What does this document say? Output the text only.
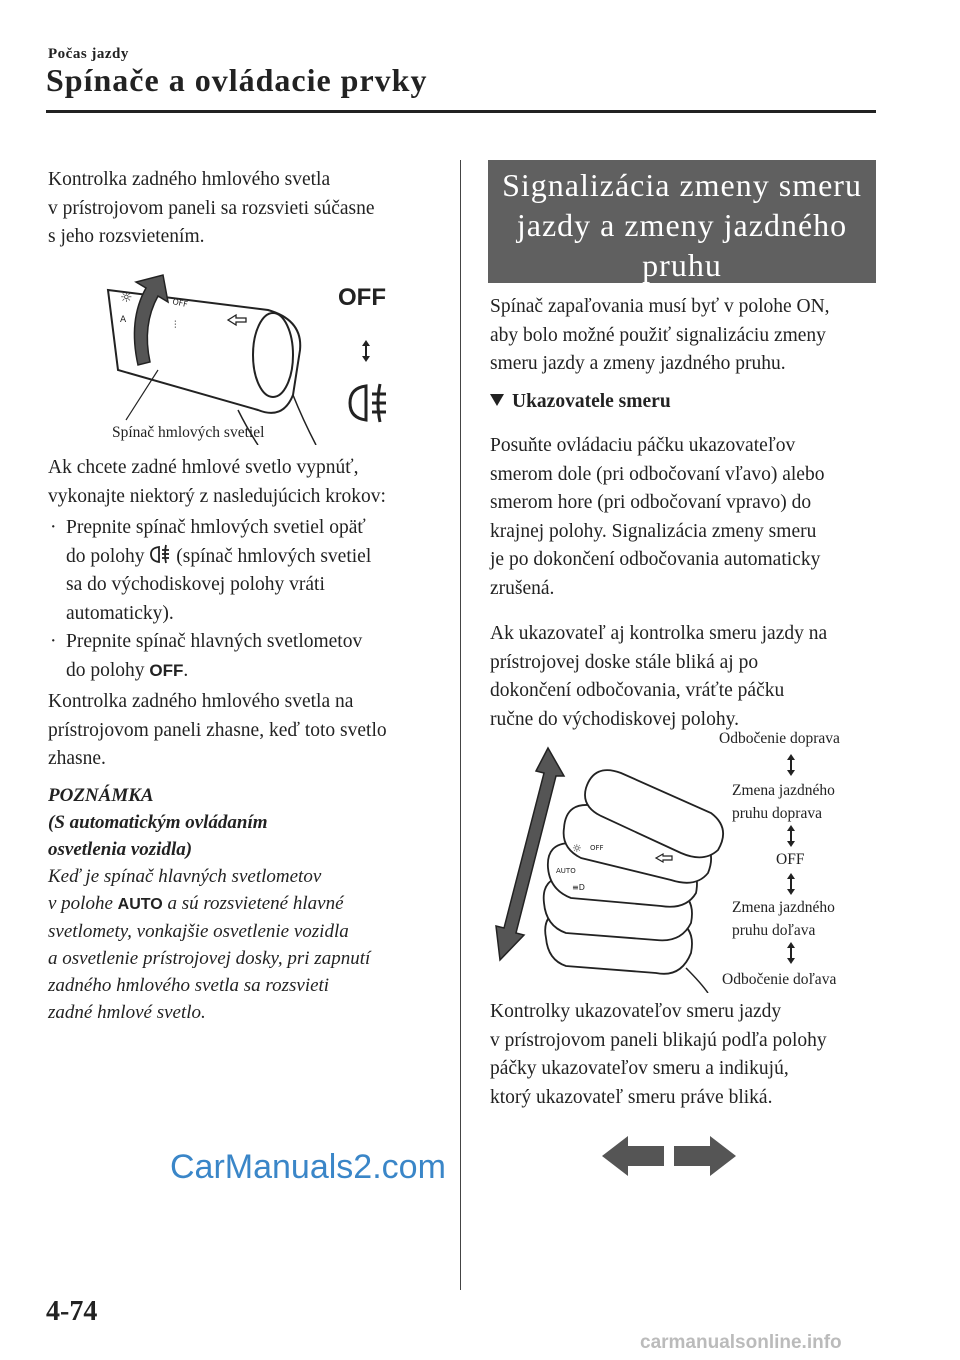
Počas jazdy
Spínače a ovládacie prvky
Kontrolka zadného hmlového svetla
v prístrojovom paneli sa rozsvieti súčasne
s jeho rozsvietením.
☼
A
OFF
⫶
Spínač hmlových svetiel
OFF
Ak chcete zadné hmlové svetlo vypnúť,
vykonajte niektorý z nasledujúcich krokov:
· Prepnite spínač hmlových svetiel opäť
do polohy (spínač hmlových svetiel
sa do východiskovej polohy vráti
automaticky).
· Prepnite spínač hlavných svetlometov
do polohy OFF.
Kontrolka zadného hmlového svetla na
prístrojovom paneli zhasne, keď toto svetlo
zhasne.
POZNÁMKA
(S automatickým ovládaním
osvetlenia vozidla)
Keď je spínač hlavných svetlometov
v polohe AUTO a sú rozsvietené hlavné
svetlomety, vonkajšie osvetlenie vozidla
a osvetlenie prístrojovej dosky, pri zapnutí
zadného hmlového svetla sa rozsvieti
zadné hmlové svetlo.
Signalizácia zmeny smeru
jazdy a zmeny jazdného
pruhu
Spínač zapaľovania musí byť v polohe ON,
aby bolo možné použiť signalizáciu zmeny
smeru jazdy a zmeny jazdného pruhu.
Ukazovatele smeru
Posuňte ovládaciu páčku ukazovateľov
smerom dole (pri odbočovaní vľavo) alebo
smerom hore (pri odbočovaní vpravo) do
krajnej polohy. Signalizácia zmeny smeru
je po dokončení odbočovania automaticky
zrušená.
Ak ukazovateľ aj kontrolka smeru jazdy na
prístrojovej doske stále bliká aj po
dokončení odbočovania, vráťte páčku
ručne do východiskovej polohy.
☼ OFF
AUTO
≡D
Odbočenie doprava
Zmena jazdného
pruhu doprava
OFF
Zmena jazdného
pruhu doľava
Odbočenie doľava
Kontrolky ukazovateľov smeru jazdy
v prístrojovom paneli blikajú podľa polohy
páčky ukazovateľov smeru a indikujú,
ktorý ukazovateľ smeru práve bliká.
CarManuals2.com
4-74
carmanualsonline.info
